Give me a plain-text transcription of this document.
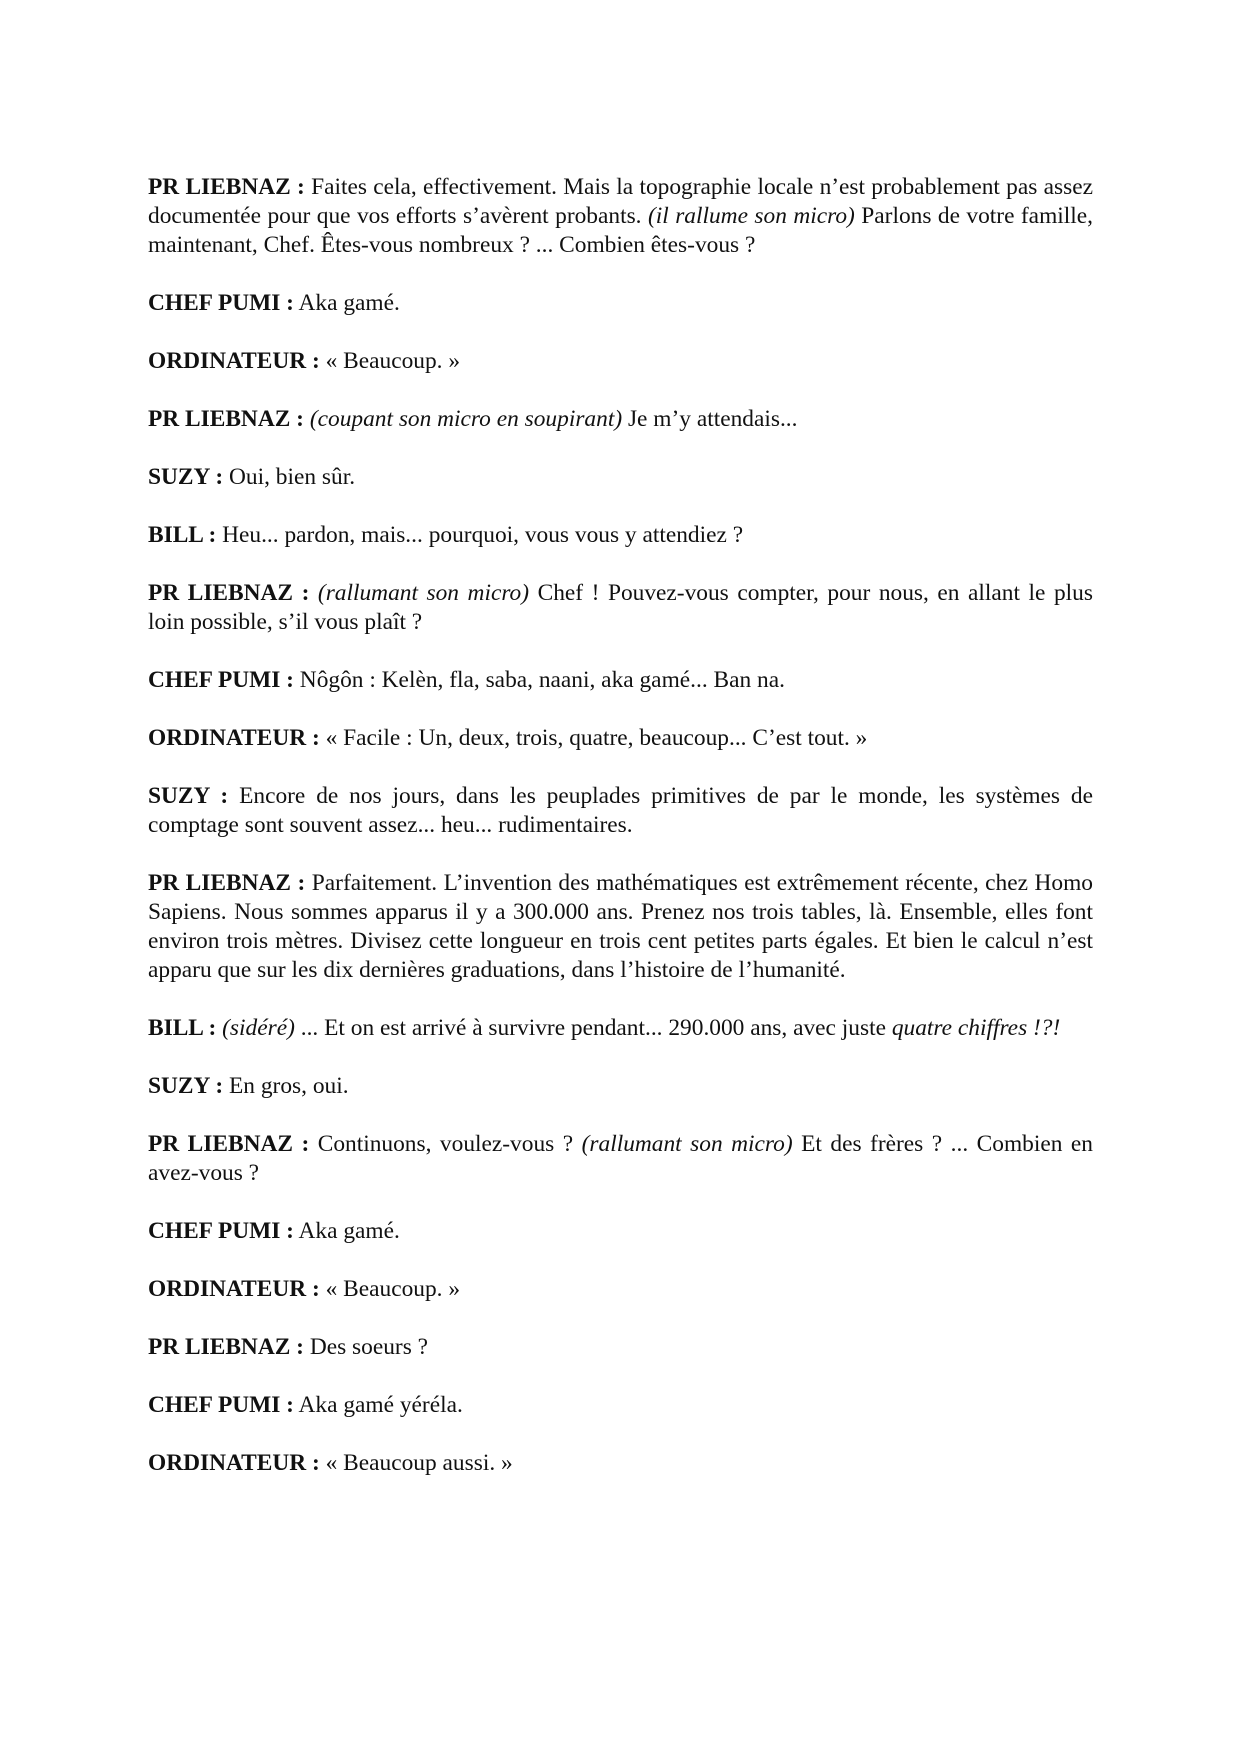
PR LIEBNAZ : Faites cela, effectivement. Mais la topographie locale n’est probablement pas assez documentée pour que vos efforts s’avèrent probants. (il rallume son micro) Parlons de votre famille, maintenant, Chef. Êtes-vous nombreux ? ... Combien êtes-vous ?

CHEF PUMI : Aka gamé.

ORDINATEUR : « Beaucoup. »

PR LIEBNAZ : (coupant son micro en soupirant) Je m’y attendais...

SUZY : Oui, bien sûr.

BILL : Heu... pardon, mais... pourquoi, vous vous y attendiez ?

PR LIEBNAZ : (rallumant son micro) Chef ! Pouvez-vous compter, pour nous, en allant le plus loin possible, s’il vous plaît ?

CHEF PUMI : Nôgôn : Kelèn, fla, saba, naani, aka gamé... Ban na.

ORDINATEUR : « Facile : Un, deux, trois, quatre, beaucoup... C’est tout. »

SUZY : Encore de nos jours, dans les peuplades primitives de par le monde, les systèmes de comptage sont souvent assez... heu... rudimentaires.

PR LIEBNAZ : Parfaitement. L’invention des mathématiques est extrêmement récente, chez Homo Sapiens. Nous sommes apparus il y a 300.000 ans. Prenez nos trois tables, là. Ensemble, elles font environ trois mètres. Divisez cette longueur en trois cent petites parts égales. Et bien le calcul n’est apparu que sur les dix dernières graduations, dans l’histoire de l’humanité.

BILL : (sidéré) ... Et on est arrivé à survivre pendant... 290.000 ans, avec juste quatre chiffres !?!

SUZY : En gros, oui.

PR LIEBNAZ : Continuons, voulez-vous ? (rallumant son micro) Et des frères ? ... Combien en avez-vous ?

CHEF PUMI : Aka gamé.

ORDINATEUR : « Beaucoup. »

PR LIEBNAZ : Des soeurs ?

CHEF PUMI : Aka gamé yéréla.

ORDINATEUR : « Beaucoup aussi. »
